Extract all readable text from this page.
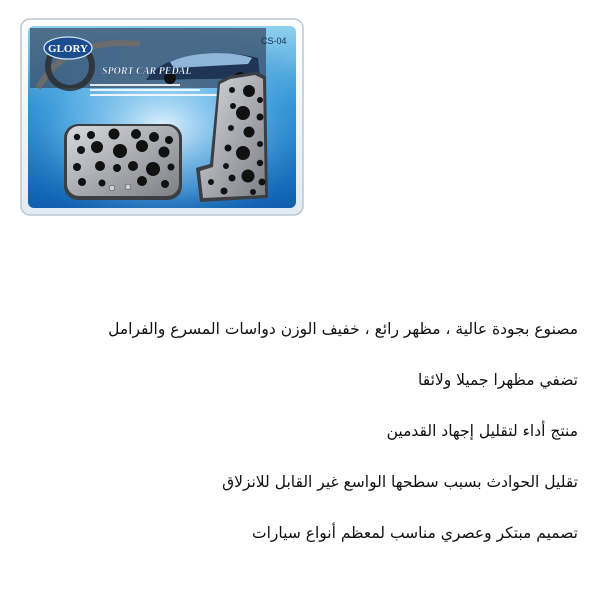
GLORY
SPORT CAR PEDAL
CS-04
مصنوع بجودة عالية ، مظهر رائع ، خفيف الوزن دواسات المسرع والفرامل
تضفي مظهرا جميلا ولائقا
منتج أداء لتقليل إجهاد القدمين
تقليل الحوادث بسبب سطحها الواسع غير القابل للانزلاق
تصميم مبتكر وعصري مناسب لمعظم أنواع سيارات
